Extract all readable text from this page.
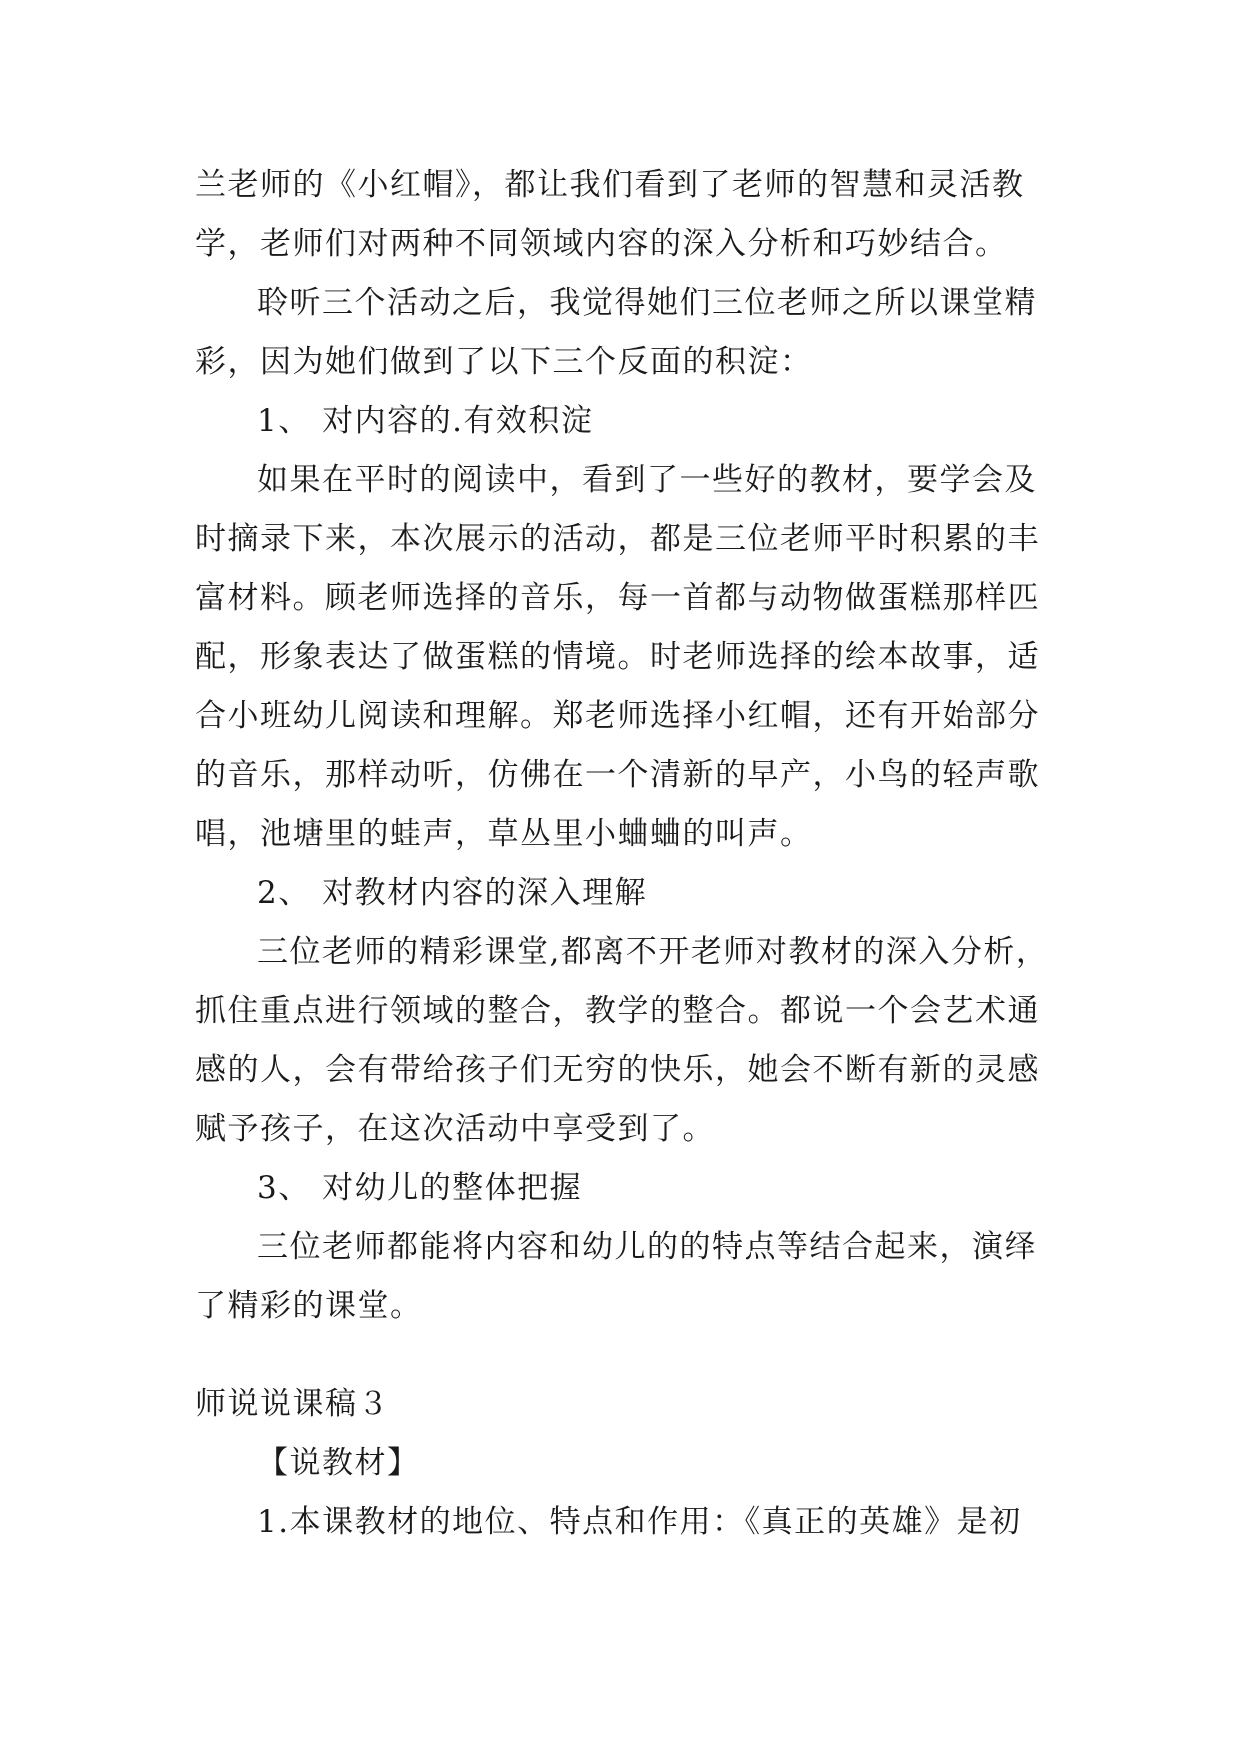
兰老师的《小红帽》，都让我们看到了老师的智慧和灵活教
学，老师们对两种不同领域内容的深入分析和巧妙结合。
聆听三个活动之后，我觉得她们三位老师之所以课堂精
彩，因为她们做到了以下三个反面的积淀：
1、 对内容的.有效积淀
如果在平时的阅读中，看到了一些好的教材，要学会及
时摘录下来，本次展示的活动，都是三位老师平时积累的丰
富材料。顾老师选择的音乐，每一首都与动物做蛋糕那样匹
配，形象表达了做蛋糕的情境。时老师选择的绘本故事，适
合小班幼儿阅读和理解。郑老师选择小红帽，还有开始部分
的音乐，那样动听，仿佛在一个清新的早产，小鸟的轻声歌
唱，池塘里的蛙声，草丛里小蛐蛐的叫声。
2、 对教材内容的深入理解
三位老师的精彩课堂,都离不开老师对教材的深入分析，
抓住重点进行领域的整合，教学的整合。都说一个会艺术通
感的人，会有带给孩子们无穷的快乐，她会不断有新的灵感
赋予孩子，在这次活动中享受到了。
3、 对幼儿的整体把握
三位老师都能将内容和幼儿的的特点等结合起来，演绎
了精彩的课堂。
师说说课稿３
【说教材】
1.本课教材的地位、特点和作用：《真正的英雄》是初
